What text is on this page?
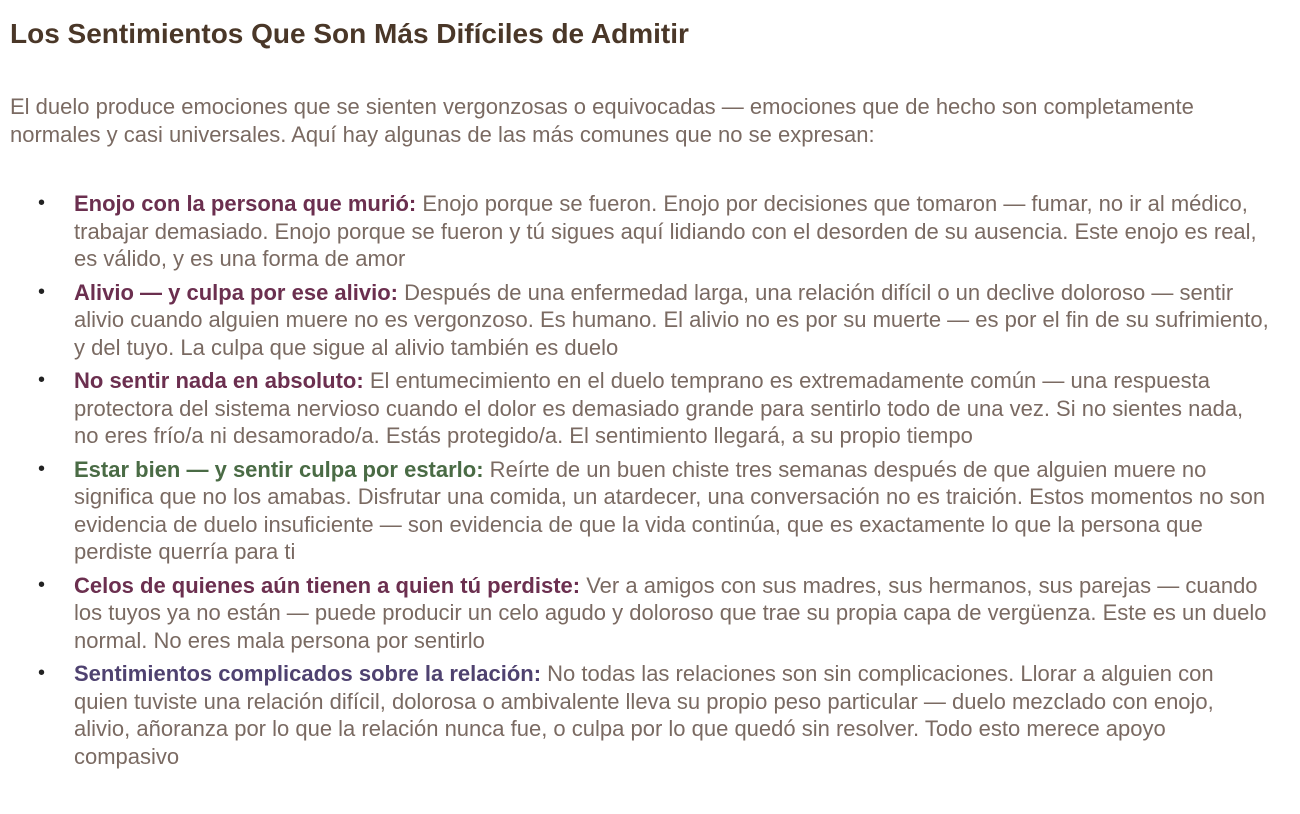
Los Sentimientos Que Son Más Difíciles de Admitir

El duelo produce emociones que se sienten vergonzosas o equivocadas — emociones que de hecho son completamente normales y casi universales. Aquí hay algunas de las más comunes que no se expresan:

• Enojo con la persona que murió: Enojo porque se fueron. Enojo por decisiones que tomaron — fumar, no ir al médico, trabajar demasiado. Enojo porque se fueron y tú sigues aquí lidiando con el desorden de su ausencia. Este enojo es real, es válido, y es una forma de amor
• Alivio — y culpa por ese alivio: Después de una enfermedad larga, una relación difícil o un declive doloroso — sentir alivio cuando alguien muere no es vergonzoso. Es humano. El alivio no es por su muerte — es por el fin de su sufrimiento, y del tuyo. La culpa que sigue al alivio también es duelo
• No sentir nada en absoluto: El entumecimiento en el duelo temprano es extremadamente común — una respuesta protectora del sistema nervioso cuando el dolor es demasiado grande para sentirlo todo de una vez. Si no sientes nada, no eres frío/a ni desamorado/a. Estás protegido/a. El sentimiento llegará, a su propio tiempo
• Estar bien — y sentir culpa por estarlo: Reírte de un buen chiste tres semanas después de que alguien muere no significa que no los amabas. Disfrutar una comida, un atardecer, una conversación no es traición. Estos momentos no son evidencia de duelo insuficiente — son evidencia de que la vida continúa, que es exactamente lo que la persona que perdiste querría para ti
• Celos de quienes aún tienen a quien tú perdiste: Ver a amigos con sus madres, sus hermanos, sus parejas — cuando los tuyos ya no están — puede producir un celo agudo y doloroso que trae su propia capa de vergüenza. Este es un duelo normal. No eres mala persona por sentirlo
• Sentimientos complicados sobre la relación: No todas las relaciones son sin complicaciones. Llorar a alguien con quien tuviste una relación difícil, dolorosa o ambivalente lleva su propio peso particular — duelo mezclado con enojo, alivio, añoranza por lo que la relación nunca fue, o culpa por lo que quedó sin resolver. Todo esto merece apoyo compasivo
